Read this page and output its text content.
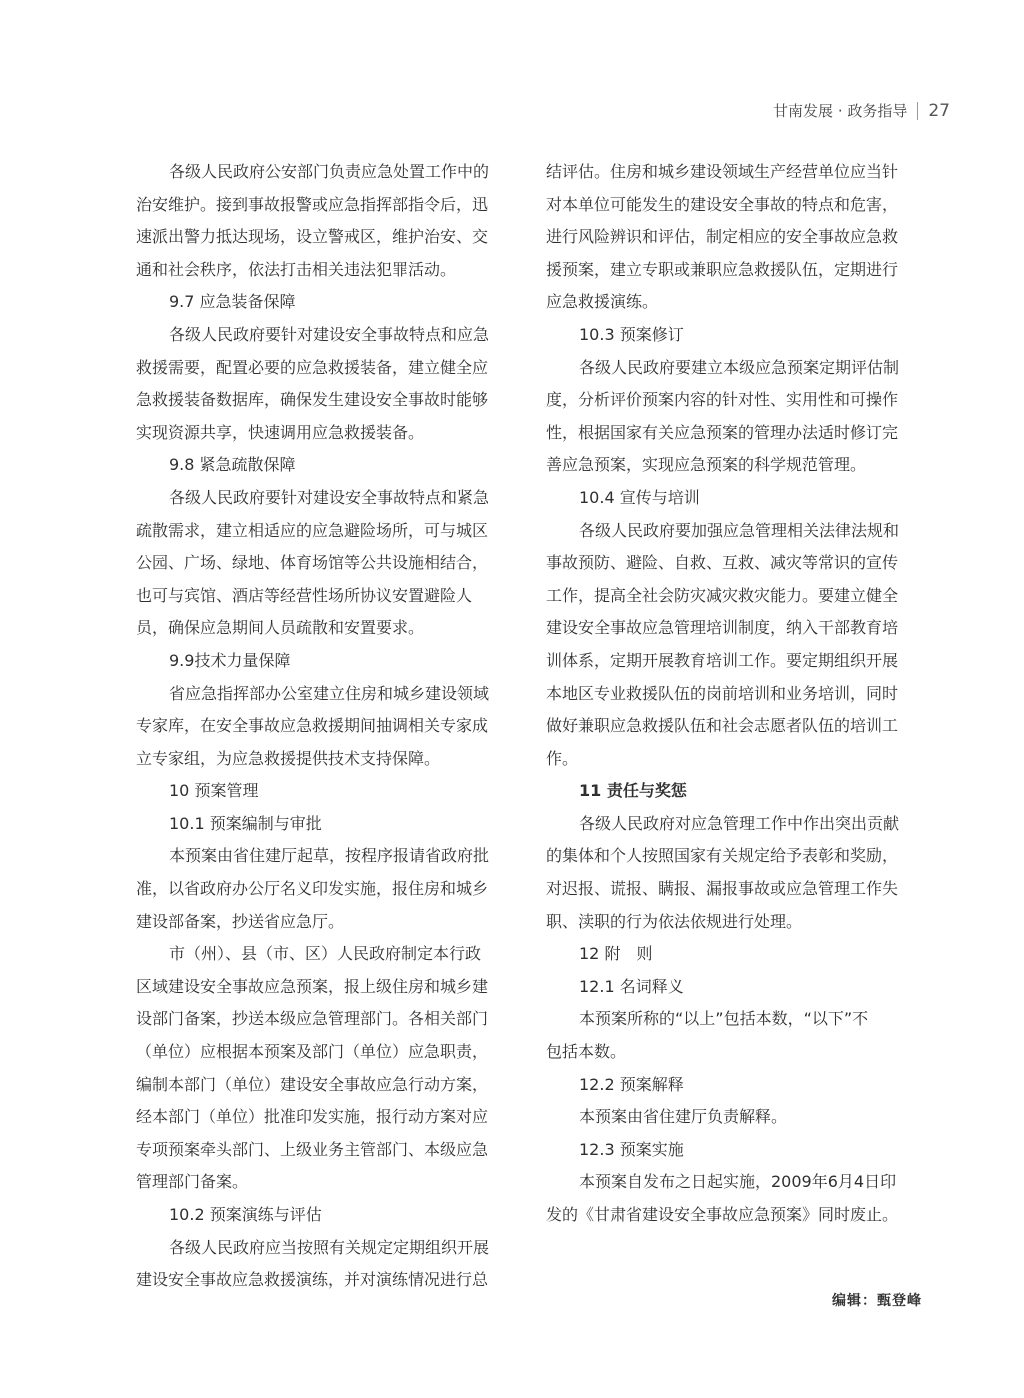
甘南发展 · 政务指导 27
各级人民政府公安部门负责应急处置工作中的
治安维护。接到事故报警或应急指挥部指令后，迅
速派出警力抵达现场，设立警戒区，维护治安、交
通和社会秩序，依法打击相关违法犯罪活动。
9.7 应急装备保障
各级人民政府要针对建设安全事故特点和应急
救援需要，配置必要的应急救援装备，建立健全应
急救援装备数据库，确保发生建设安全事故时能够
实现资源共享，快速调用应急救援装备。
9.8 紧急疏散保障
各级人民政府要针对建设安全事故特点和紧急
疏散需求，建立相适应的应急避险场所，可与城区
公园、广场、绿地、体育场馆等公共设施相结合，
也可与宾馆、酒店等经营性场所协议安置避险人
员，确保应急期间人员疏散和安置要求。
9.9技术力量保障
省应急指挥部办公室建立住房和城乡建设领域
专家库，在安全事故应急救援期间抽调相关专家成
立专家组，为应急救援提供技术支持保障。
10 预案管理
10.1 预案编制与审批
本预案由省住建厅起草，按程序报请省政府批
准，以省政府办公厅名义印发实施，报住房和城乡
建设部备案，抄送省应急厅。
市（州）、县（市、区）人民政府制定本行政
区域建设安全事故应急预案，报上级住房和城乡建
设部门备案，抄送本级应急管理部门。各相关部门
（单位）应根据本预案及部门（单位）应急职责，
编制本部门（单位）建设安全事故应急行动方案，
经本部门（单位）批准印发实施，报行动方案对应
专项预案牵头部门、上级业务主管部门、本级应急
管理部门备案。
10.2 预案演练与评估
各级人民政府应当按照有关规定定期组织开展
建设安全事故应急救援演练，并对演练情况进行总
结评估。住房和城乡建设领域生产经营单位应当针
对本单位可能发生的建设安全事故的特点和危害，
进行风险辨识和评估，制定相应的安全事故应急救
援预案，建立专职或兼职应急救援队伍，定期进行
应急救援演练。
10.3 预案修订
各级人民政府要建立本级应急预案定期评估制
度，分析评价预案内容的针对性、实用性和可操作
性，根据国家有关应急预案的管理办法适时修订完
善应急预案，实现应急预案的科学规范管理。
10.4 宣传与培训
各级人民政府要加强应急管理相关法律法规和
事故预防、避险、自救、互救、减灾等常识的宣传
工作，提高全社会防灾减灾救灾能力。要建立健全
建设安全事故应急管理培训制度，纳入干部教育培
训体系，定期开展教育培训工作。要定期组织开展
本地区专业救援队伍的岗前培训和业务培训，同时
做好兼职应急救援队伍和社会志愿者队伍的培训工
作。
11 责任与奖惩
各级人民政府对应急管理工作中作出突出贡献
的集体和个人按照国家有关规定给予表彰和奖励，
对迟报、谎报、瞒报、漏报事故或应急管理工作失
职、渎职的行为依法依规进行处理。
12 附　则
12.1 名词释义
本预案所称的“以上”包括本数，“以下”不
包括本数。
12.2 预案解释
本预案由省住建厅负责解释。
12.3 预案实施
本预案自发布之日起实施，2009年6月4日印
发的《甘肃省建设安全事故应急预案》同时废止。
编辑：甄登峰
